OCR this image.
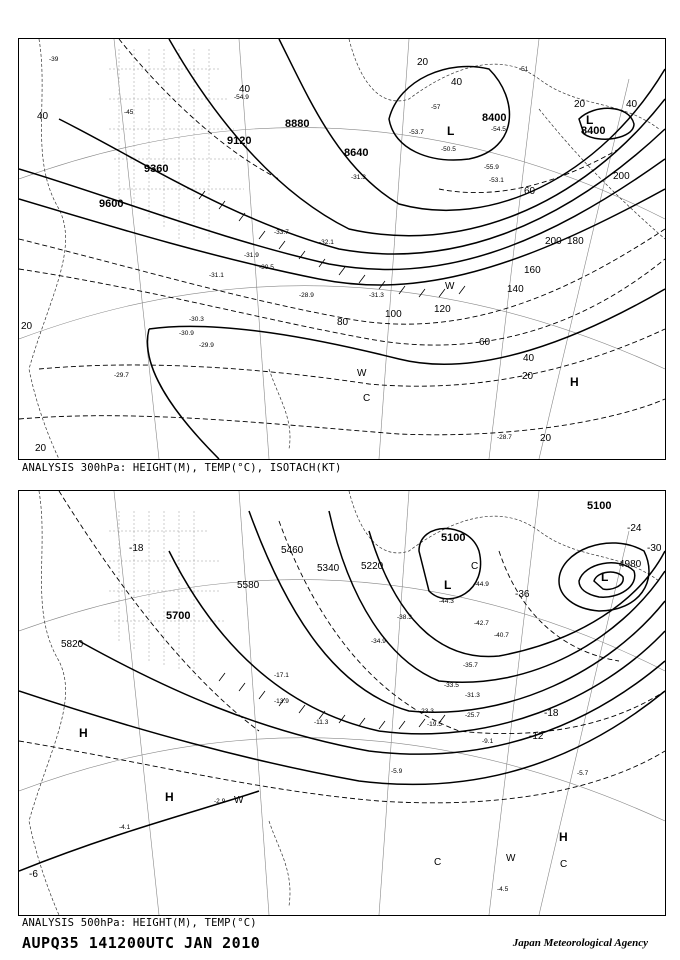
9600
9360
9120
8880
8640
8400
8400
40
40
20
20
40
40
60
80
100	120
140
160
180
200
200
60
40
20
20
20
20
-39
-45
-51
-57
-54.9
-53.7	-54.5
-50.5
-55.9
-53.1
-31.3
-32.1
-33.7
-31.9
-30.5
-31.1
-28.9
-30.3
-30.9
-29.9
-31.3
-29.7
-28.7
L
L
H
W
C
W
ANALYSIS 300hPa: HEIGHT(M), TEMP(°C), ISOTACH(KT)
5820
5700
5580
5460
5340 5220
5100
5100
4980
-18
-24
-30
-36
-18
-12
-6
-44.9
-44.3
-42.7
-40.7
-38.3
-34.9
-35.7
-33.5
-31.3
-25.7
-23.3
-19.5
-17.1
-13.9
-11.3
-9.1
-5.9	-5.7
-4.5
-4.1
-2.9
L
L
H
H
H
W
W
C	C
C
ANALYSIS 500hPa: HEIGHT(M), TEMP(°C)
AUPQ35 141200UTC JAN 2010	Japan Meteorological Agency
